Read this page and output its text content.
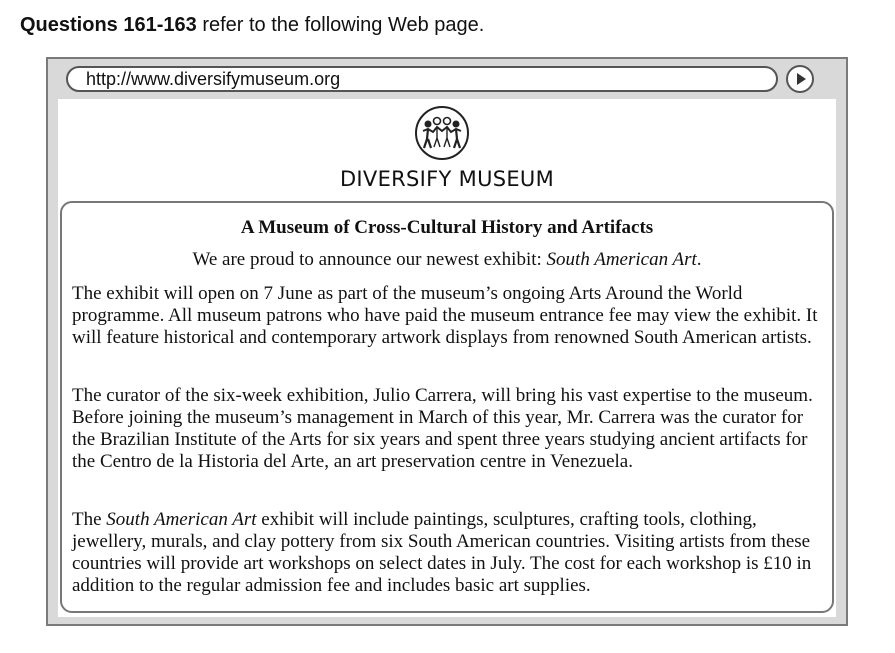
Questions 161-163 refer to the following Web page.
http://www.diversifymuseum.org
DIVERSIFY MUSEUM
A Museum of Cross-Cultural History and Artifacts
We are proud to announce our newest exhibit: South American Art.

The exhibit will open on 7 June as part of the museum’s ongoing Arts Around the World programme. All museum patrons who have paid the museum entrance fee may view the exhibit. It will feature historical and contemporary artwork displays from renowned South American artists.

The curator of the six-week exhibition, Julio Carrera, will bring his vast expertise to the museum. Before joining the museum’s management in March of this year, Mr. Carrera was the curator for the Brazilian Institute of the Arts for six years and spent three years studying ancient artifacts for the Centro de la Historia del Arte, an art preservation centre in Venezuela.

The South American Art exhibit will include paintings, sculptures, crafting tools, clothing, jewellery, murals, and clay pottery from six South American countries. Visiting artists from these countries will provide art workshops on select dates in July. The cost for each workshop is £10 in addition to the regular admission fee and includes basic art supplies.
